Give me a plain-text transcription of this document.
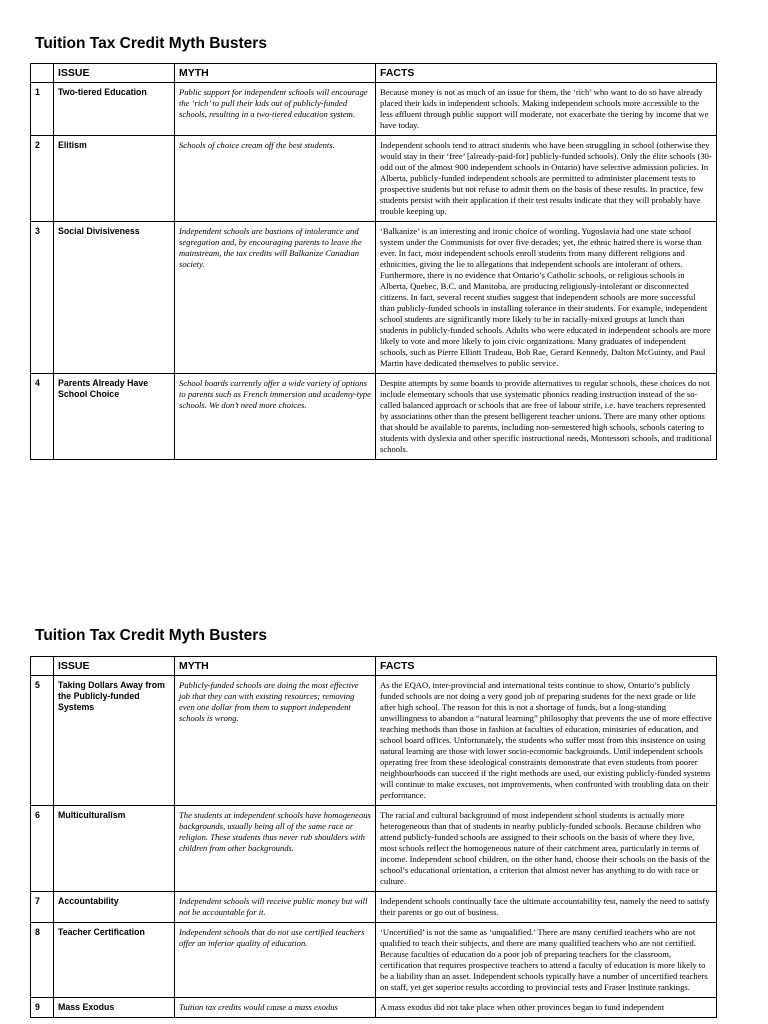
Tuition Tax Credit Myth Busters
	ISSUE	MYTH	FACTS
1	Two-tiered Education	Public support for independent schools will encourage the ‘rich’ to pull their kids out of publicly-funded schools, resulting in a two-tiered education system.	Because money is not as much of an issue for them, the ‘rich’ who want to do so have already placed their kids in independent schools. Making independent schools more accessible to the less affluent through public support will moderate, not exacerbate the tiering by income that we have today.
2	Elitism	Schools of choice cream off the best students.	Independent schools tend to attract students who have been struggling in school (otherwise they would stay in their ‘free’ [already-paid-for] publicly-funded schools). Only the élite schools (30-odd out of the almost 900 independent schools in Ontario) have selective admission policies. In Alberta, publicly-funded independent schools are permitted to administer placement tests to prospective students but not refuse to admit them on the basis of these results. In practice, few students persist with their application if their test results indicate that they will probably have trouble keeping up.
3	Social Divisiveness	Independent schools are bastions of intolerance and segregation and, by encouraging parents to leave the mainstream, the tax credits will Balkanize Canadian society.	‘Balkanize’ is an interesting and ironic choice of wording. Yugoslavia had one state school system under the Communists for over five decades; yet, the ethnic hatred there is worse than ever. In fact, most independent schools enroll students from many different religions and ethnicities, giving the lie to allegations that independent schools are intolerant of others. Furthermore, there is no evidence that Ontario’s Catholic schools, or religious schools in Alberta, Quebec, B.C. and Manitoba, are producing religiously-intolerant or disconnected citizens. In fact, several recent studies suggest that independent schools are more successful than publicly-funded schools in installing tolerance in their students. For example, independent school students are significantly more likely to be in racially-mixed groups at lunch than students in publicly-funded schools. Adults who were educated in independent schools are more likely to vote and more likely to join civic organizations. Many graduates of independent schools, such as Pierre Elliott Trudeau, Bob Rae, Gerard Kennedy, Dalton McGuinty, and Paul Martin have dedicated themselves to public service.
4	Parents Already Have School Choice	School boards currently offer a wide variety of options to parents such as French immersion and academy-type schools. We don’t need more choices.	Despite attempts by some boards to provide alternatives to regular schools, these choices do not include elementary schools that use systematic phonics reading instruction instead of the so-called balanced approach or schools that are free of labour strife, i.e. have teachers represented by associations other than the present belligerent teacher unions. There are many other options that should be available to parents, including non-semestered high schools, schools catering to students with dyslexia and other specific instructional needs, Montessori schools, and traditional schools.
Tuition Tax Credit Myth Busters
	ISSUE	MYTH	FACTS
5	Taking Dollars Away from the Publicly-funded Systems	Publicly-funded schools are doing the most effective job that they can with existing resources; removing even one dollar from them to support independent schools is wrong.	As the EQAO, inter-provincial and international tests continue to show, Ontario’s publicly funded schools are not doing a very good job of preparing students for the next grade or life after high school. The reason for this is not a shortage of funds, but a long-standing unwillingness to abandon a “natural learning” philosophy that prevents the use of more effective teaching methods than those in fashion at faculties of education, ministries of education, and school board offices. Unfortunately, the students who suffer most from this insistence on using natural learning are those with lower socio-economic backgrounds. Until independent schools operating free from these ideological constraints demonstrate that even students from poorer neighbourhoods can succeed if the right methods are used, our existing publicly-funded systems will continue to make excuses, not improvements, when confronted with troubling data on their performance.
6	Multiculturalism	The students at independent schools have homogeneous backgrounds, usually being all of the same race or religion. These students thus never rub shoulders with children from other backgrounds.	The racial and cultural background of most independent school students is actually more heterogeneous than that of students in nearby publicly-funded schools. Because children who attend publicly-funded schools are assigned to their schools on the basis of where they live, most schools reflect the homogeneous nature of their catchment area, particularly in terms of income. Independent school children, on the other hand, choose their schools on the basis of the school’s educational orientation, a criterion that almost never has anything to do with race or culture.
7	Accountability	Independent schools will receive public money but will not be accountable for it.	Independent schools continually face the ultimate accountability test, namely the need to satisfy their parents or go out of business.
8	Teacher Certification	Independent schools that do not use certified teachers offer an inferior quality of education.	‘Uncertified’ is not the same as ‘unqualified.’ There are many certified teachers who are not qualified to teach their subjects, and there are many qualified teachers who are not certified. Because faculties of education do a poor job of preparing teachers for the classroom, certification that requires prospective teachers to attend a faculty of education is more likely to be a liability than an asset. Independent schools typically have a number of uncertified teachers on staff, yet get superior results according to provincial tests and Fraser Institute rankings.
9	Mass Exodus	Tuition tax credits would cause a mass exodus	A mass exodus did not take place when other provinces began to fund independent
